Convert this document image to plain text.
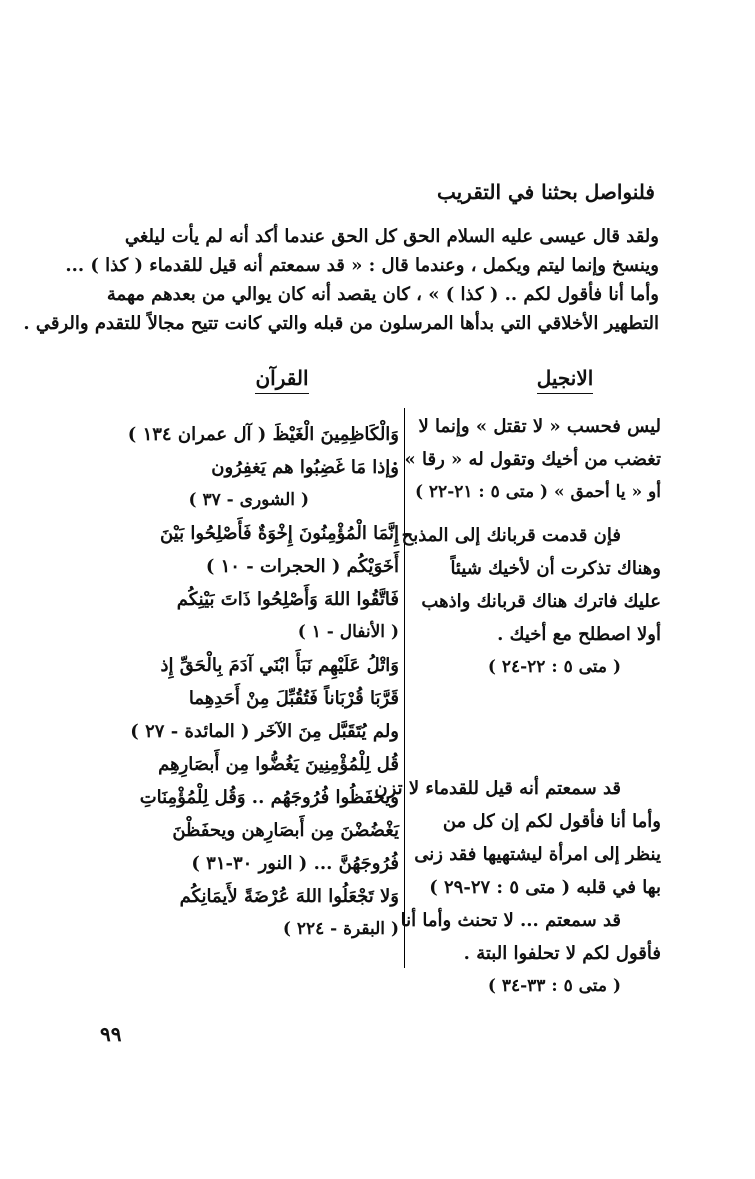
فلنواصل بحثنا في التقريب

ولقد قال عيسى عليه السلام الحق كل الحق عندما أكد أنه لم يأت ليلغي

وينسخ وإنما ليتم ويكمل ، وعندما قال : « قد سمعتم أنه قيل للقدماء ( كذا ) ...

وأما أنا فأقول لكم .. ( كذا ) » ، كان يقصد أنه كان يوالي من بعدهم مهمة

التطهير الأخلاقي التي بدأها المرسلون من قبله والتي كانت تتيح مجالاً للتقدم والرقي .

الانجيل
القرآن

ليس فحسب « لا تقتل » وإنما لا

تغضب من أخيك وتقول له « رقا » .

أو « يا أحمق » ( متى ٥ : ٢١-٢٢ )

فإن قدمت قربانك إلى المذبح

وهناك تذكرت أن لأخيك شيئاً

عليك فاترك هناك قربانك واذهب

أولا اصطلح مع أخيك .

( متى ٥ : ٢٢-٢٤ )

قد سمعتم أنه قيل للقدماء لا تزن

وأما أنا فأقول لكم إن كل من

ينظر إلى امرأة ليشتهيها فقد زنى

بها في قلبه ( متى ٥ : ٢٧-٢٩ )

قد سمعتم ... لا تحنث وأما أنا

فأقول لكم لا تحلفوا البتة .

( متى ٥ : ٣٣-٣٤ )

وَالْكَاظِمِينَ الْغَيْظَ ( آل عمران ١٣٤ )

وإذا مَا غَضِبُوا هم يَغفِرُون

( الشورى - ٣٧ )

إِنَّمَا الْمُؤْمِنُونَ إِخْوَةٌ فَأَصْلِحُوا بَيْنَ

أَخَوَيْكُم ( الحجرات - ١٠ )

فَاتَّقُوا اللهَ وَأَصْلِحُوا ذَاتَ بَيْنِكُم

( الأنفال - ١ )

وَاتْلُ عَلَيْهِم نَبَأَ ابْنَي آدَمَ بِالْحَقِّ إِذ

قَرَّبَا قُرْبَاناً فَتُقُبِّلَ مِنْ أَحَدِهِما

ولم يُتَقَبَّل مِنَ الآخَر ( المائدة - ٢٧ )

قُل لِلْمُؤْمِنِينَ يَغُضُّوا مِن أَبصَارِهِم

ويحفَظُوا فُرُوجَهُم .. وَقُل لِلْمُؤْمِنَاتِ

يَغْضُضْنَ مِن أَبصَارِهن ويحفَظْنَ

فُرُوجَهُنَّ ... ( النور ٣٠-٣١ )

وَلا تَجْعَلُوا اللهَ عُرْضَةً لأَيمَانِكُم

( البقرة - ٢٢٤ )

٩٩
